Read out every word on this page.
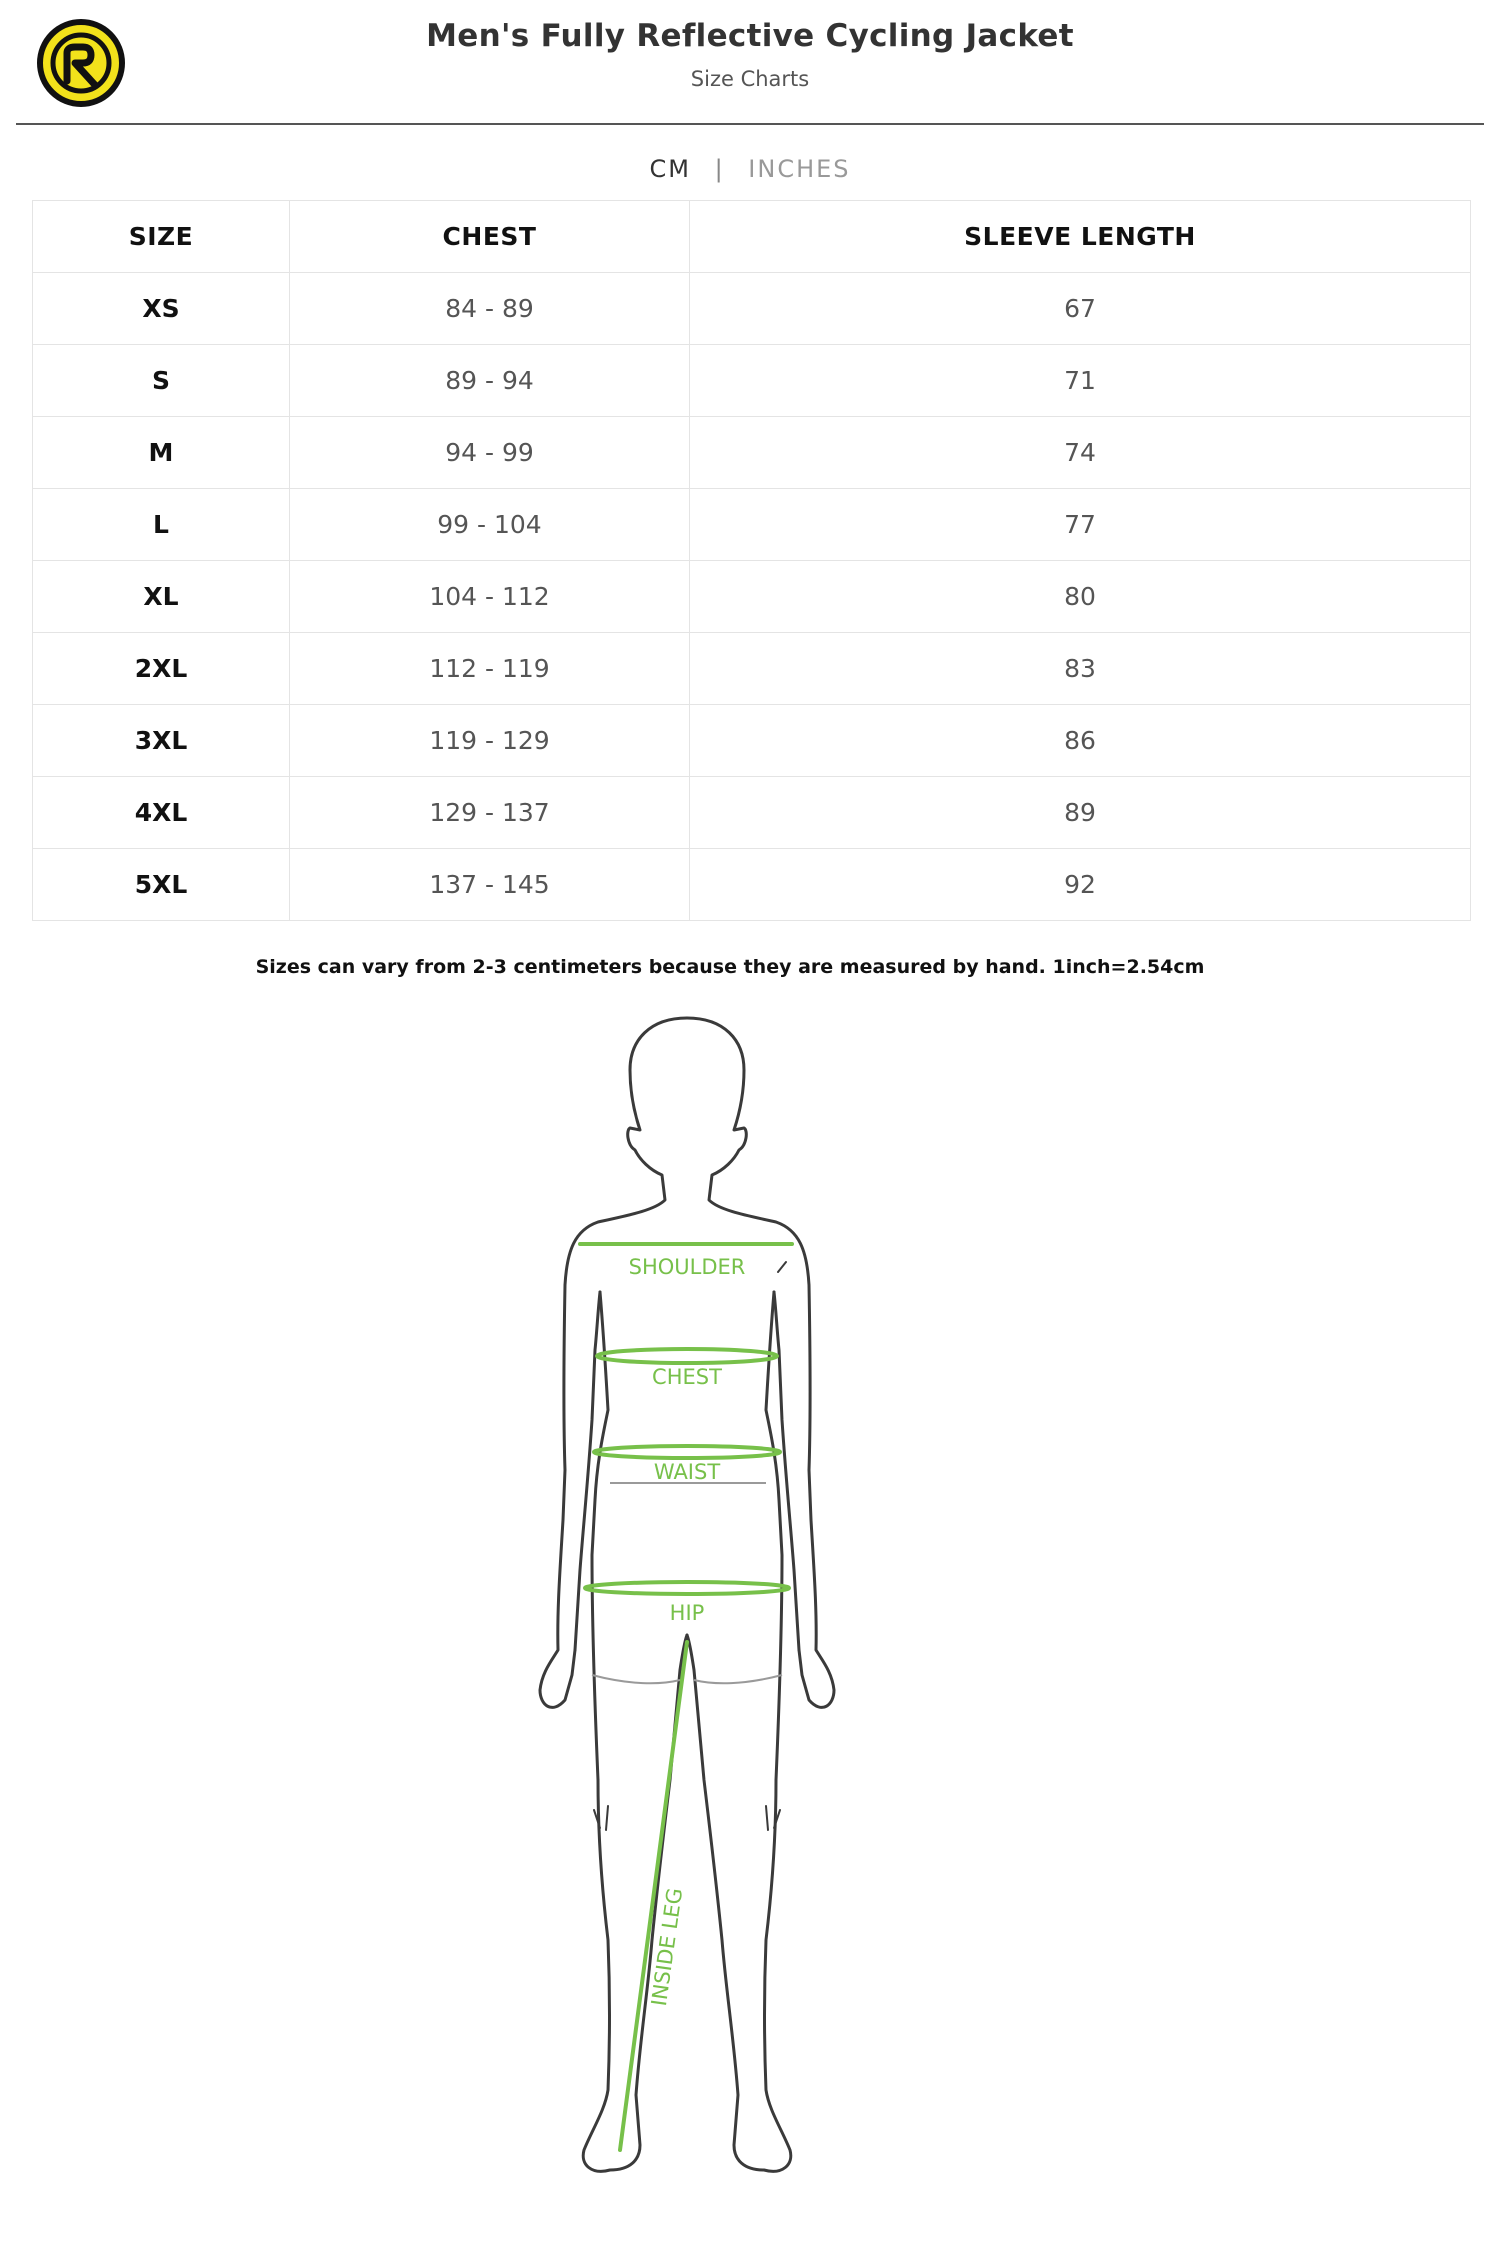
Men's Fully Reflective Cycling Jacket
Size Charts
CM | INCHES
SIZE	CHEST	SLEEVE LENGTH
XS	84 - 89	67
S	89 - 94	71
M	94 - 99	74
L	99 - 104	77
XL	104 - 112	80
2XL	112 - 119	83
3XL	119 - 129	86
4XL	129 - 137	89
5XL	137 - 145	92
Sizes can vary from 2-3 centimeters because they are measured by hand. 1inch=2.54cm
SHOULDER
CHEST
WAIST
HIP
INSIDE LEG
